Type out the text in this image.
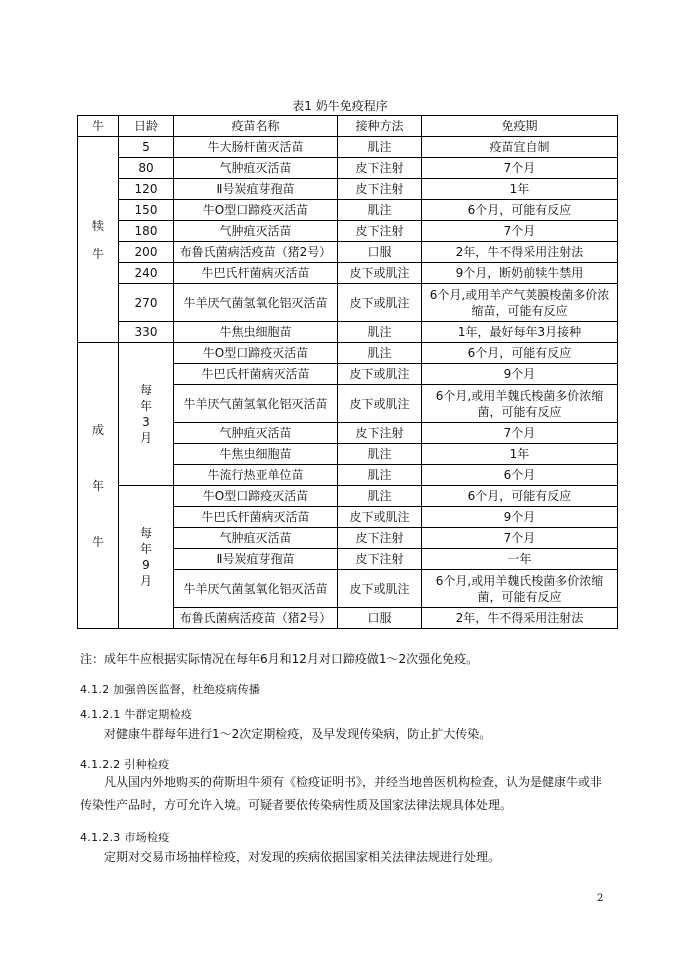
表1 奶牛免疫程序
牛	日龄	疫苗名称	接种方法	免疫期

犊
牛	5	牛大肠杆菌灭活苗	肌注	疫苗宜自制
	80	气肿疽灭活苗	皮下注射	7个月
	120	Ⅱ号炭疽芽孢苗	皮下注射	1年
	150	牛O型口蹄疫灭活苗	肌注	6个月，可能有反应
	180	气肿疽灭活苗	皮下注射	7个月
	200	布鲁氏菌病活疫苗（猪2号）	口服	2年，牛不得采用注射法
	240	牛巴氏杆菌病灭活苗	皮下或肌注	9个月，断奶前犊牛禁用
	270	牛羊厌气菌氢氧化铝灭活苗	皮下或肌注	6个月,或用羊产气荚膜梭菌多价浓缩苗，可能有反应
	330	牛焦虫细胞苗	肌注	1年，最好每年3月接种

成
年
牛	每
年
3
月	牛O型口蹄疫灭活苗	肌注	6个月，可能有反应
		牛巴氏杆菌病灭活苗	皮下或肌注	9个月
		牛羊厌气菌氢氧化铝灭活苗	皮下或肌注	6个月,或用羊魏氏梭菌多价浓缩菌，可能有反应
		气肿疽灭活苗	皮下注射	7个月
		牛焦虫细胞苗	肌注	1年
		牛流行热亚单位苗	肌注	6个月

	每
年
9
月	牛O型口蹄疫灭活苗	肌注	6个月，可能有反应
		牛巴氏杆菌病灭活苗	皮下或肌注	9个月
		气肿疽灭活苗	皮下注射	7个月
		Ⅱ号炭疽芽孢苗	皮下注射	一年
		牛羊厌气菌氢氧化铝灭活苗	皮下或肌注	6个月,或用羊魏氏梭菌多价浓缩菌，可能有反应
		布鲁氏菌病活疫苗（猪2号）	口服	2年，牛不得采用注射法
注：成年牛应根据实际情况在每年6月和12月对口蹄疫做1～2次强化免疫。
4.1.2 加强兽医监督，杜绝疫病传播
4.1.2.1 牛群定期检疫
对健康牛群每年进行1～2次定期检疫，及早发现传染病，防止扩大传染。
4.1.2.2 引种检疫
凡从国内外地购买的荷斯坦牛须有《检疫证明书》，并经当地兽医机构检查，认为是健康牛或非传染性产品时，方可允许入境。可疑者要依传染病性质及国家法律法规具体处理。
4.1.2.3 市场检疫
定期对交易市场抽样检疫，对发现的疾病依据国家相关法律法规进行处理。
2
